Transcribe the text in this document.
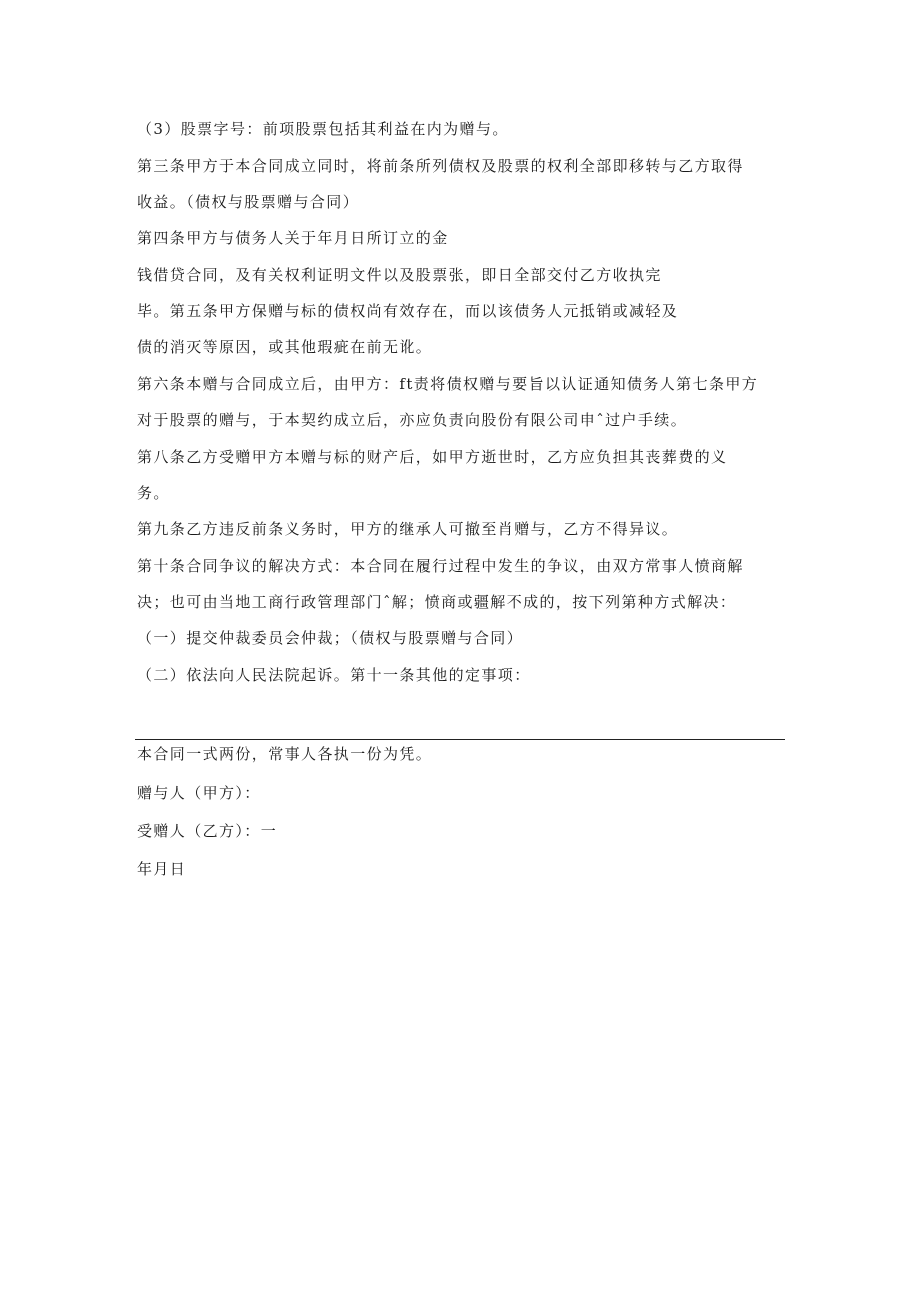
（3）股票字号：前项股票包括其利益在内为赠与。
第三条甲方于本合同成立同时，将前条所列债权及股票的权利全部即移转与乙方取得
收益。（债权与股票赠与合同）
第四条甲方与债务人关于年月日所订立的金
钱借贷合同，及有关权利证明文件以及股票张，即日全部交付乙方收执完
毕。第五条甲方保赠与标的债权尚有效存在，而以该债务人元抵销或减轻及
债的消灭等原因，或其他瑕疵在前无讹。
第六条本赠与合同成立后，由甲方：ft责将债权赠与要旨以认证通知债务人第七条甲方
对于股票的赠与，于本契约成立后，亦应负责向股份有限公司申ˆ过户手续。
第八条乙方受赠甲方本赠与标的财产后，如甲方逝世时，乙方应负担其丧葬费的义
务。
第九条乙方违反前条义务时，甲方的继承人可撤至肖赠与，乙方不得异议。
第十条合同争议的解决方式：本合同在履行过程中发生的争议，由双方常事人愤商解
决；也可由当地工商行政管理部门ˆ解；愤商或疆解不成的，按下列第种方式解决：
（一）提交仲裁委员会仲裁；（债权与股票赠与合同）
（二）依法向人民法院起诉。第十一条其他的定事项：
本合同一式两份，常事人各执一份为凭。
赠与人（甲方）：
受赠人（乙方）：一
年月日
